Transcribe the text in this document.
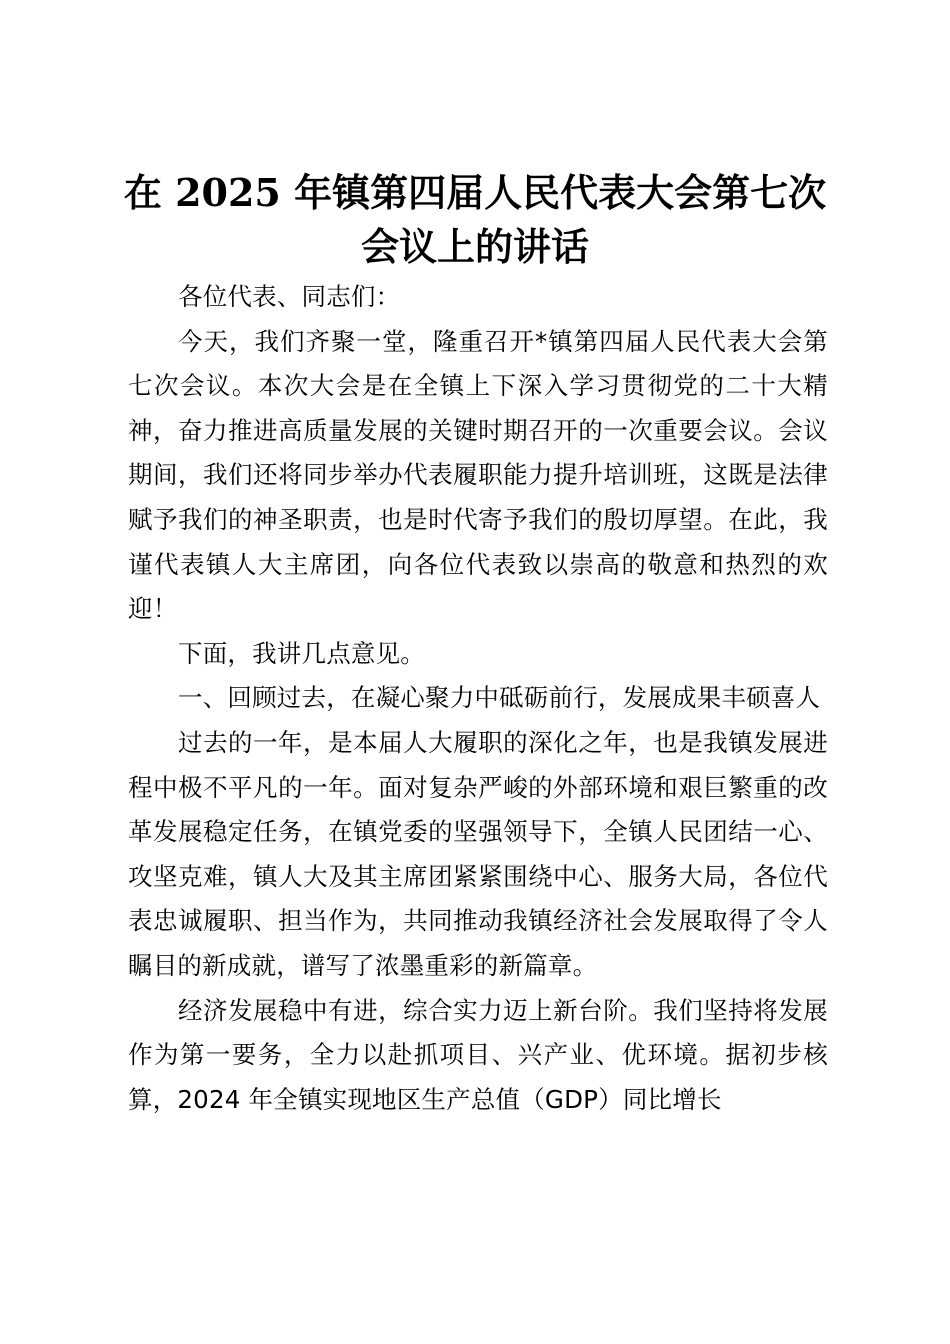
在 2025 年镇第四届人民代表大会第七次会议上的讲话

各位代表、同志们：

今天，我们齐聚一堂，隆重召开*镇第四届人民代表大会第七次会议。本次大会是在全镇上下深入学习贯彻党的二十大精神，奋力推进高质量发展的关键时期召开的一次重要会议。会议期间，我们还将同步举办代表履职能力提升培训班，这既是法律赋予我们的神圣职责，也是时代寄予我们的殷切厚望。在此，我谨代表镇人大主席团，向各位代表致以崇高的敬意和热烈的欢迎！

下面，我讲几点意见。

一、回顾过去，在凝心聚力中砥砺前行，发展成果丰硕喜人

过去的一年，是本届人大履职的深化之年，也是我镇发展进程中极不平凡的一年。面对复杂严峻的外部环境和艰巨繁重的改革发展稳定任务，在镇党委的坚强领导下，全镇人民团结一心、攻坚克难，镇人大及其主席团紧紧围绕中心、服务大局，各位代表忠诚履职、担当作为，共同推动我镇经济社会发展取得了令人瞩目的新成就，谱写了浓墨重彩的新篇章。

经济发展稳中有进，综合实力迈上新台阶。我们坚持将发展作为第一要务，全力以赴抓项目、兴产业、优环境。据初步核算，2024 年全镇实现地区生产总值（GDP）同比增长
